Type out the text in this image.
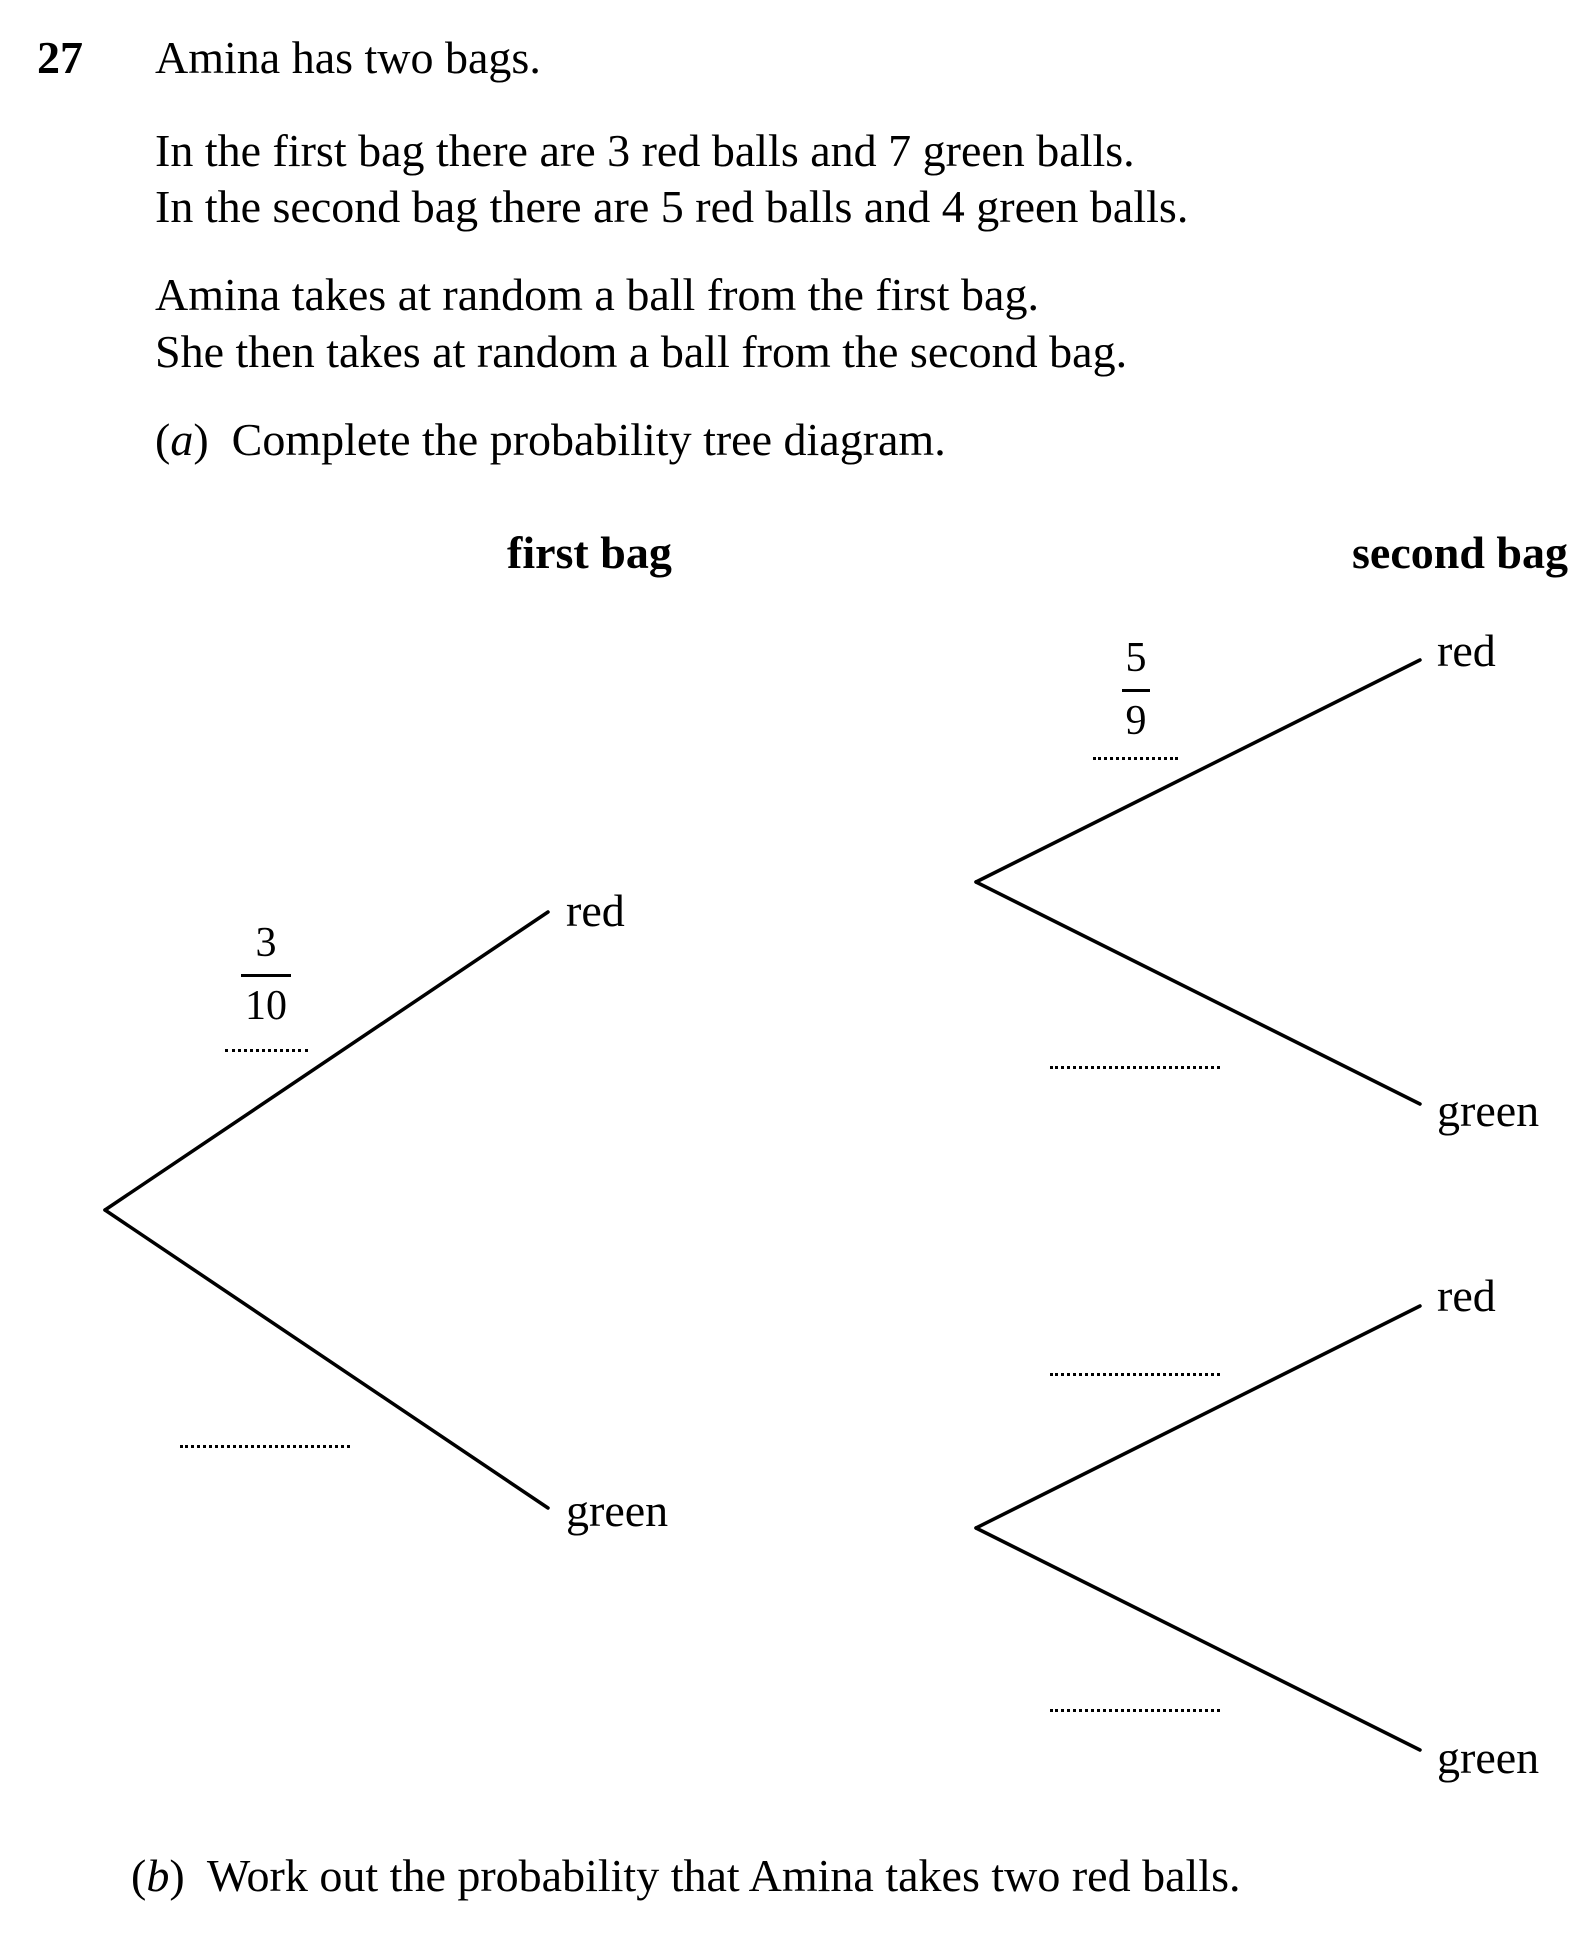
27 Amina has two bags.
In the first bag there are 3 red balls and 7 green balls.
In the second bag there are 5 red balls and 4 green balls.
Amina takes at random a ball from the first bag.
She then takes at random a ball from the second bag.
(a)  Complete the probability tree diagram.
first bag	second bag
red
green
red
green
red
green
3
10
5
9
(b)  Work out the probability that Amina takes two red balls.
